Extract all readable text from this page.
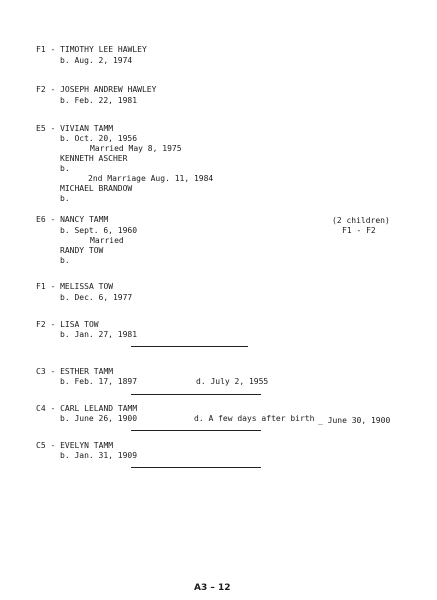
F1 - TIMOTHY LEE HAWLEY
b. Aug. 2, 1974
F2 - JOSEPH ANDREW HAWLEY
b. Feb. 22, 1981
E5 - VIVIAN TAMM
b. Oct. 20, 1956
Married May 8, 1975
KENNETH ASCHER
b.
2nd Marriage Aug. 11, 1984
MICHAEL BRANDOW
b.
E6 - NANCY TAMM	(2 children)
b. Sept. 6, 1960	F1 - F2
Married
RANDY TOW
b.
F1 - MELISSA TOW
b. Dec. 6, 1977
F2 - LISA TOW
b. Jan. 27, 1981
C3 - ESTHER TAMM
b. Feb. 17, 1897	d. July 2, 1955
C4 - CARL LELAND TAMM
b. June 26, 1900	d. A few days after birth _ June 30, 1900
C5 - EVELYN TAMM
b. Jan. 31, 1909
A3 – 12
